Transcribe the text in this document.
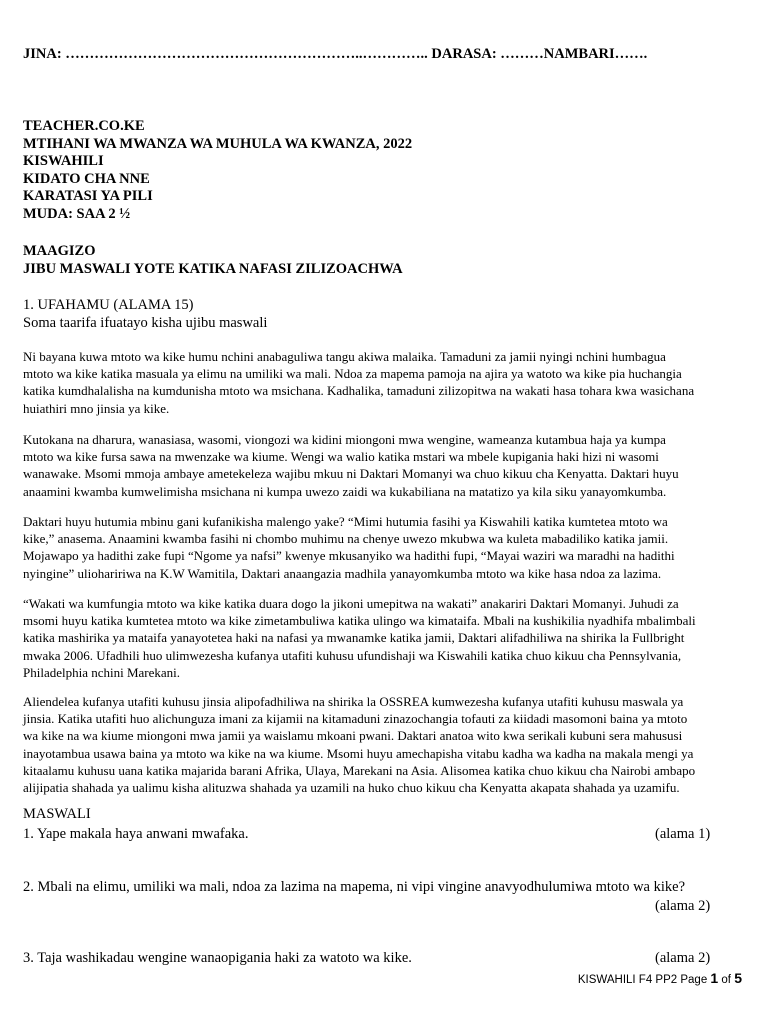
JINA: ……………………………………………………..………….. DARASA: ………NAMBARI…….
TEACHER.CO.KE
MTIHANI WA MWANZA WA MUHULA WA KWANZA, 2022
KISWAHILI
KIDATO CHA NNE
KARATASI YA PILI
MUDA: SAA 2 ½
MAAGIZO
JIBU MASWALI YOTE KATIKA NAFASI ZILIZOACHWA
1. UFAHAMU (ALAMA 15)
Soma taarifa ifuatayo kisha ujibu maswali
Ni bayana kuwa mtoto wa kike humu nchini anabaguliwa tangu akiwa malaika. Tamaduni za jamii nyingi nchini humbagua
mtoto wa kike katika masuala ya elimu na umiliki wa mali. Ndoa za mapema pamoja na ajira ya watoto wa kike pia huchangia
katika kumdhalalisha na kumdunisha mtoto wa msichana. Kadhalika, tamaduni zilizopitwa na wakati hasa tohara kwa wasichana
huiathiri mno jinsia ya kike.
Kutokana na dharura, wanasiasa, wasomi, viongozi wa kidini miongoni mwa wengine, wameanza kutambua haja ya kumpa
mtoto wa kike fursa sawa na mwenzake wa kiume. Wengi wa walio katika mstari wa mbele kupigania haki hizi ni wasomi
wanawake. Msomi mmoja ambaye ametekeleza wajibu mkuu ni Daktari Momanyi wa chuo kikuu cha Kenyatta. Daktari huyu
anaamini kwamba kumwelimisha msichana ni kumpa uwezo zaidi wa kukabiliana na matatizo ya kila siku yanayomkumba.
Daktari huyu hutumia mbinu gani kufanikisha malengo yake? “Mimi hutumia fasihi ya Kiswahili katika kumtetea mtoto wa
kike,” anasema. Anaamini kwamba fasihi ni chombo muhimu na chenye uwezo mkubwa wa kuleta mabadiliko katika jamii.
Mojawapo ya hadithi zake fupi “Ngome ya nafsi” kwenye mkusanyiko wa hadithi fupi, “Mayai waziri wa maradhi na hadithi
nyingine” ulioharіriwa na K.W Wamitila, Daktari anaangazia madhila yanayomkumba mtoto wa kike hasa ndoa za lazima.
“Wakati wa kumfungia mtoto wa kike katika duara dogo la jikoni umepitwa na wakati” anakariri Daktari Momanyi. Juhudi za
msomi huyu katika kumtetea mtoto wa kike zimetambuliwa katika ulingo wa kimataifa. Mbali na kushikilia nyadhifa mbalimbali
katika mashirika ya mataifa yanayotetea haki na nafasi ya mwanamke katika jamii, Daktari alifadhiliwa na shirika la Fullbright
mwaka 2006. Ufadhili huo ulimwezesha kufanya utafiti kuhusu ufundishaji wa Kiswahili katika chuo kikuu cha Pennsylvania,
Philadelphia nchini Marekani.
Aliendelea kufanya utafiti kuhusu jinsia alipofadhiliwa na shirika la OSSREA kumwezesha kufanya utafiti kuhusu maswala ya
jinsia. Katika utafiti huo alichunguza imani za kijamii na kitamaduni zinazochangia tofauti za kiidadi masomoni baina ya mtoto
wa kike na wa kiume miongoni mwa jamii ya waislamu mkoani pwani. Daktari anatoa wito kwa serikali kubuni sera mahususi
inayotambua usawa baina ya mtoto wa kike na wa kiume. Msomi huyu amechapisha vitabu kadha wa kadha na makala mengi ya
kitaalamu kuhusu uana katika majarida barani Afrika, Ulaya, Marekani na Asia. Alisomea katika chuo kikuu cha Nairobi ambapo
alijipatia shahada ya ualimu kisha alituzwa shahada ya uzamili na huko chuo kikuu cha Kenyatta akapata shahada ya uzamifu.
MASWALI
1. Yape makala haya anwani mwafaka.	(alama 1)
2. Mbali na elimu, umiliki wa mali, ndoa za lazima na mapema, ni vipi vingine anavyodhulumiwa mtoto wa kike?
(alama 2)
3. Taja washikadau wengine wanaopigania haki za watoto wa kike.	(alama 2)
KISWAHILI F4 PP2 Page 1 of 5
